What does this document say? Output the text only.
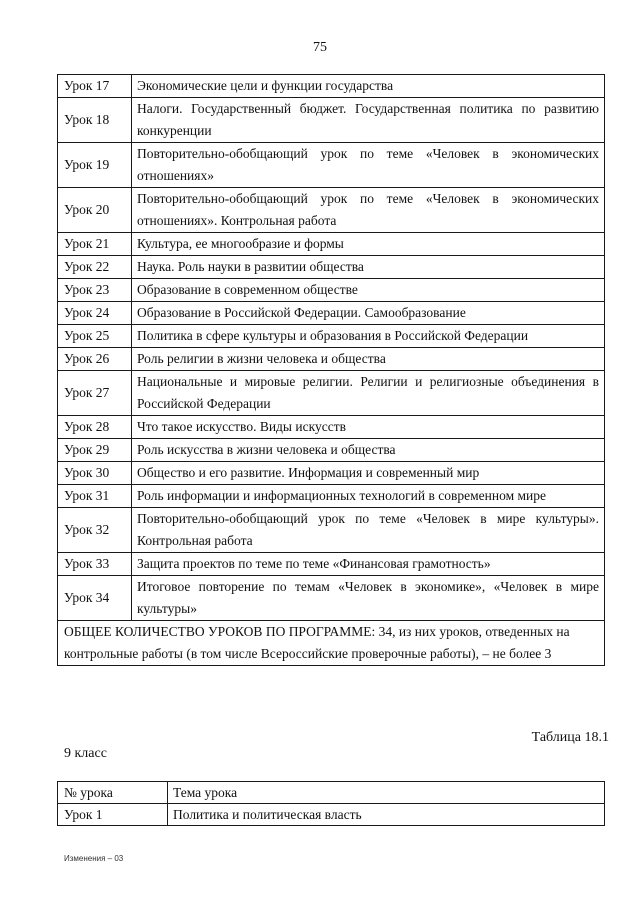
75
Урок 17	Экономические цели и функции государства
Урок 18	Налоги. Государственный бюджет. Государственная политика по развитию конкуренции
Урок 19	Повторительно-обобщающий урок по теме «Человек в экономических отношениях»
Урок 20	Повторительно-обобщающий урок по теме «Человек в экономических отношениях». Контрольная работа
Урок 21	Культура, ее многообразие и формы
Урок 22	Наука. Роль науки в развитии общества
Урок 23	Образование в современном обществе
Урок 24	Образование в Российской Федерации. Самообразование
Урок 25	Политика в сфере культуры и образования в Российской Федерации
Урок 26	Роль религии в жизни человека и общества
Урок 27	Национальные и мировые религии. Религии и религиозные объединения в Российской Федерации
Урок 28	Что такое искусство. Виды искусств
Урок 29	Роль искусства в жизни человека и общества
Урок 30	Общество и его развитие. Информация и современный мир
Урок 31	Роль информации и информационных технологий в современном мире
Урок 32	Повторительно-обобщающий урок по теме «Человек в мире культуры». Контрольная работа
Урок 33	Защита проектов по теме по теме «Финансовая грамотность»
Урок 34	Итоговое повторение по темам «Человек в экономике», «Человек в мире культуры»
ОБЩЕЕ КОЛИЧЕСТВО УРОКОВ ПО ПРОГРАММЕ: 34, из них уроков, отведенных на контрольные работы (в том числе Всероссийские проверочные работы), – не более 3	
9 класс
Таблица 18.1
№ урока	Тема урока
Урок 1	Политика и политическая власть
Изменения – 03
